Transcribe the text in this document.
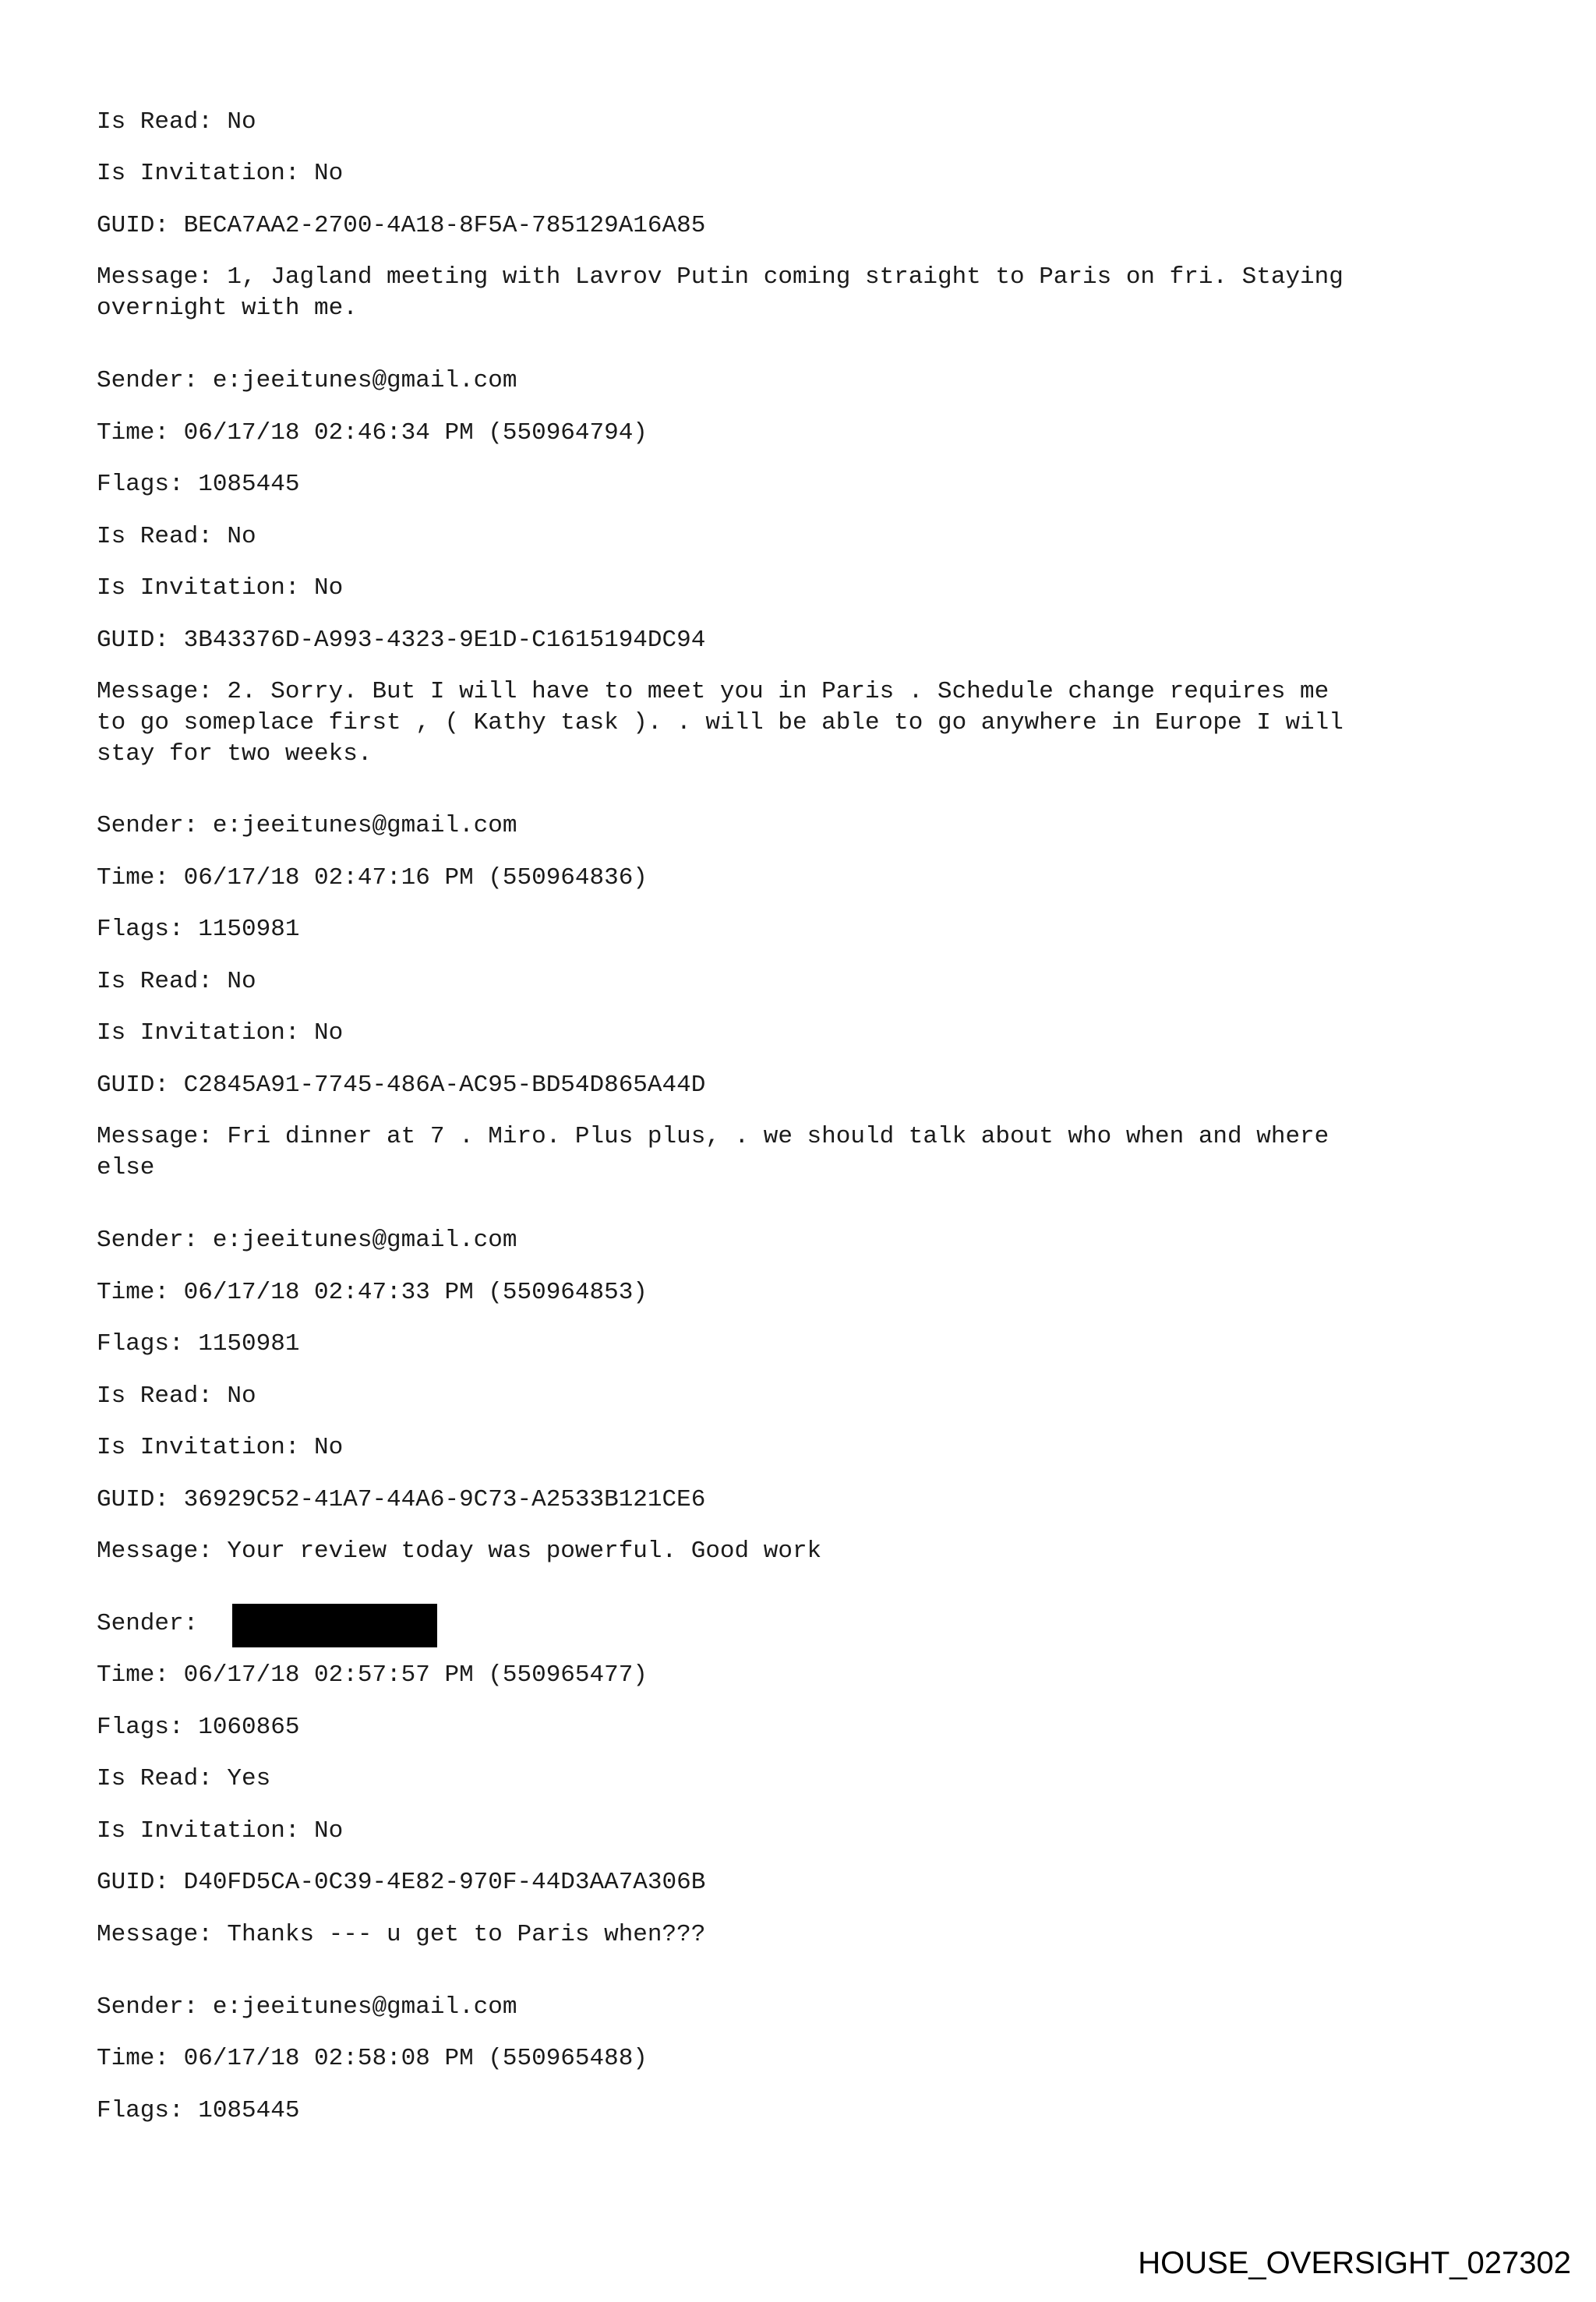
Is Read: No

Is Invitation: No

GUID: BECA7AA2-2700-4A18-8F5A-785129A16A85

Message: 1, Jagland meeting with Lavrov Putin coming straight to Paris on fri. Staying
overnight with me.

Sender: e:jeeitunes@gmail.com

Time: 06/17/18 02:46:34 PM (550964794)

Flags: 1085445

Is Read: No

Is Invitation: No

GUID: 3B43376D-A993-4323-9E1D-C1615194DC94

Message: 2. Sorry. But I will have to meet you in Paris . Schedule change requires me
to go someplace first , ( Kathy task ). . will be able to go anywhere in Europe I will
stay for two weeks.

Sender: e:jeeitunes@gmail.com

Time: 06/17/18 02:47:16 PM (550964836)

Flags: 1150981

Is Read: No

Is Invitation: No

GUID: C2845A91-7745-486A-AC95-BD54D865A44D

Message: Fri dinner at 7 . Miro. Plus plus, . we should talk about who when and where
else

Sender: e:jeeitunes@gmail.com

Time: 06/17/18 02:47:33 PM (550964853)

Flags: 1150981

Is Read: No

Is Invitation: No

GUID: 36929C52-41A7-44A6-9C73-A2533B121CE6

Message: Your review today was powerful. Good work

Sender:

Time: 06/17/18 02:57:57 PM (550965477)

Flags: 1060865

Is Read: Yes

Is Invitation: No

GUID: D40FD5CA-0C39-4E82-970F-44D3AA7A306B

Message: Thanks --- u get to Paris when???

Sender: e:jeeitunes@gmail.com

Time: 06/17/18 02:58:08 PM (550965488)

Flags: 1085445

HOUSE_OVERSIGHT_027302
